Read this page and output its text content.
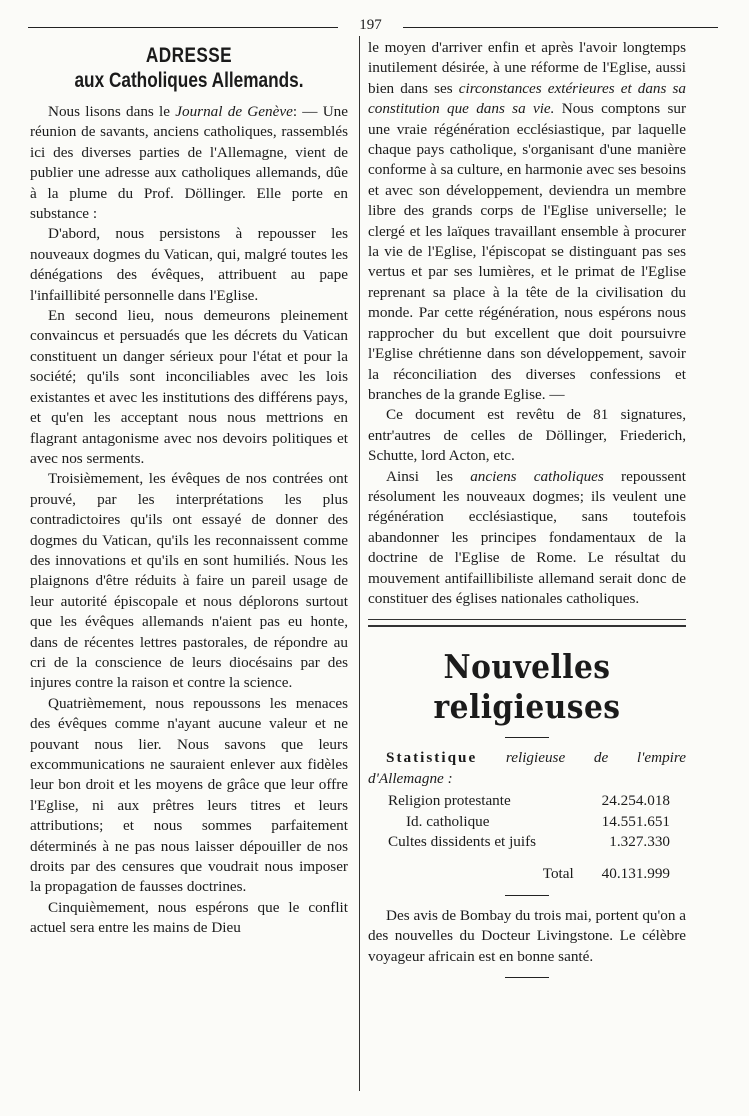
197
ADRESSE
aux Catholiques Allemands.

Nous lisons dans le Journal de Genève: — Une réunion de savants, anciens catholiques, rassemblés ici des diverses parties de l'Allemagne, vient de publier une adresse aux catholiques allemands, dûe à la plume du Prof. Döllinger. Elle porte en substance :

D'abord, nous persistons à repousser les nouveaux dogmes du Vatican, qui, malgré toutes les dénégations des évêques, attribuent au pape l'infaillibité personnelle dans l'Eglise.

En second lieu, nous demeurons pleinement convaincus et persuadés que les décrets du Vatican constituent un danger sérieux pour l'état et pour la société; qu'ils sont inconciliables avec les lois existantes et avec les institutions des différens pays, et qu'en les acceptant nous nous mettrions en flagrant antagonisme avec nos devoirs politiques et avec nos serments.

Troisièmement, les évêques de nos contrées ont prouvé, par les interprétations les plus contradictoires qu'ils ont essayé de donner des dogmes du Vatican, qu'ils les reconnaissent comme des innovations et qu'ils en sont humiliés. Nous les plaignons d'être réduits à faire un pareil usage de leur autorité épiscopale et nous déplorons surtout que les évêques allemands n'aient pas eu honte, dans de récentes lettres pastorales, de répondre au cri de la conscience de leurs diocésains par des injures contre la raison et contre la science.

Quatrièmement, nous repoussons les menaces des évêques comme n'ayant aucune valeur et ne pouvant nous lier. Nous savons que leurs excommunications ne sauraient enlever aux fidèles leur bon droit et les moyens de grâce que leur offre l'Eglise, ni aux prêtres leurs titres et leurs attributions; et nous sommes parfaitement déterminés à ne pas nous laisser dépouiller de nos droits par des censures que voudrait nous imposer la propagation de fausses doctrines.

Cinquièmement, nous espérons que le conflit actuel sera entre les mains de Dieu

le moyen d'arriver enfin et après l'avoir longtemps inutilement désirée, à une réforme de l'Eglise, aussi bien dans ses circonstances extérieures et dans sa constitution que dans sa vie. Nous comptons sur une vraie régénération ecclésiastique, par laquelle chaque pays catholique, s'organisant d'une manière conforme à sa culture, en harmonie avec ses besoins et avec son développement, deviendra un membre libre des grands corps de l'Eglise universelle; le clergé et les laïques travaillant ensemble à procurer la vie de l'Eglise, l'épiscopat se distinguant pas ses vertus et par ses lumières, et le primat de l'Eglise reprenant sa place à la tête de la civilisation du monde. Par cette régénération, nous espérons nous rapprocher du but excellent que doit poursuivre l'Eglise chrétienne dans son développement, savoir la réconciliation des diverses confessions et branches de la grande Eglise. —

Ce document est revêtu de 81 signatures, entr'autres de celles de Döllinger, Friederich, Schutte, lord Acton, etc.

Ainsi les anciens catholiques repoussent résolument les nouveaux dogmes; ils veulent une régénération ecclésiastique, sans toutefois abandonner les principes fondamentaux de la doctrine de l'Eglise de Rome. Le résultat du mouvement antifaillibiliste allemand serait donc de constituer des églises nationales catholiques.

Nouvelles religieuses

Statistique religieuse de l'empire d'Allemagne :

Religion protestante	24.254.018
Id. catholique	14.551.651
Cultes dissidents et juifs	1.327.330
Total	40.131.999

Des avis de Bombay du trois mai, portent qu'on a des nouvelles du Docteur Livingstone. Le célèbre voyageur africain est en bonne santé.
